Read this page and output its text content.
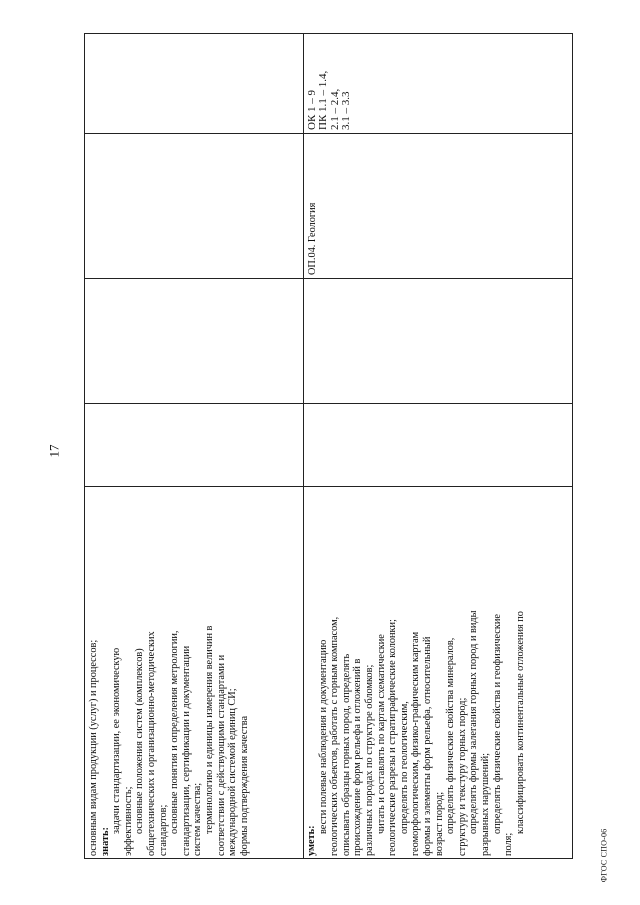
17
ФГОС СПО-06
основным видам продукции (услуг) и процессов; знать:
задачи стандартизации, ее экономическую эффективность; основные положения систем (комплексов) общетехнических и организационно-методических стандартов; основные понятия и определения метрологии, стандартизации, сертификации и документации систем качества; терминологию и единицы измерения величин в соответствии с действующими стандартами и международной системой единиц СИ; формы подтверждения качества	уметь:
вести полевые наблюдения и документацию геологических объектов, работать с горным компасом, описывать образцы горных пород, определять происхождение форм рельефа и отложений в различных породах по структуре обломков; читать и составлять по картам схематические геологические разрезы и стратиграфические колонки; определять по геологическим, геоморфологическим, физико-графическим картам формы и элементы форм рельефа, относительный возраст пород; определять физические свойства минералов, структуру и текстуру горных пород; определять формы залегания горных пород и виды разрывных нарушений; определять физические свойства и геофизические
поля;
классифицировать континентальные отложения по
ОП.04. Геология
ОК 1 – 9 ПК 1.1 – 1.4, 2.1 – 2.4, 3.1 – 3.3
